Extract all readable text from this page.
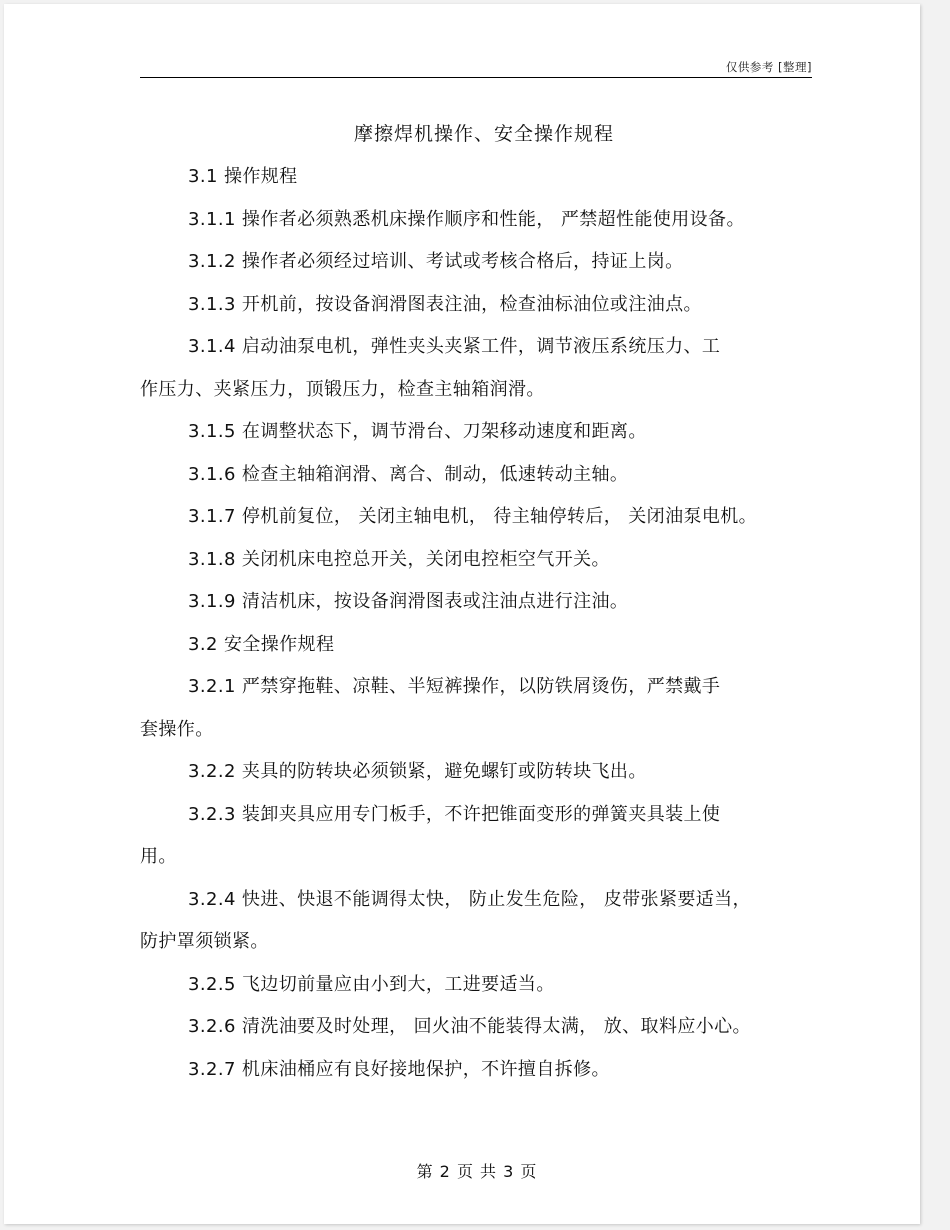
仅供参考 [整理]
摩擦焊机操作、安全操作规程
3.1 操作规程
3.1.1 操作者必须熟悉机床操作顺序和性能， 严禁超性能使用设备。
3.1.2 操作者必须经过培训、考试或考核合格后，持证上岗。
3.1.3 开机前，按设备润滑图表注油，检查油标油位或注油点。
3.1.4 启动油泵电机，弹性夹头夹紧工件，调节液压系统压力、工
作压力、夹紧压力，顶锻压力，检查主轴箱润滑。
3.1.5 在调整状态下，调节滑台、刀架移动速度和距离。
3.1.6 检查主轴箱润滑、离合、制动，低速转动主轴。
3.1.7 停机前复位， 关闭主轴电机， 待主轴停转后， 关闭油泵电机。
3.1.8 关闭机床电控总开关，关闭电控柜空气开关。
3.1.9 清洁机床，按设备润滑图表或注油点进行注油。
3.2 安全操作规程
3.2.1 严禁穿拖鞋、凉鞋、半短裤操作，以防铁屑烫伤，严禁戴手
套操作。
3.2.2 夹具的防转块必须锁紧，避免螺钉或防转块飞出。
3.2.3 装卸夹具应用专门板手，不许把锥面变形的弹簧夹具装上使
用。
3.2.4 快进、快退不能调得太快， 防止发生危险， 皮带张紧要适当，
防护罩须锁紧。
3.2.5 飞边切前量应由小到大，工进要适当。
3.2.6 清洗油要及时处理， 回火油不能装得太满， 放、取料应小心。
3.2.7 机床油桶应有良好接地保护，不许擅自拆修。
第 2 页 共 3 页
